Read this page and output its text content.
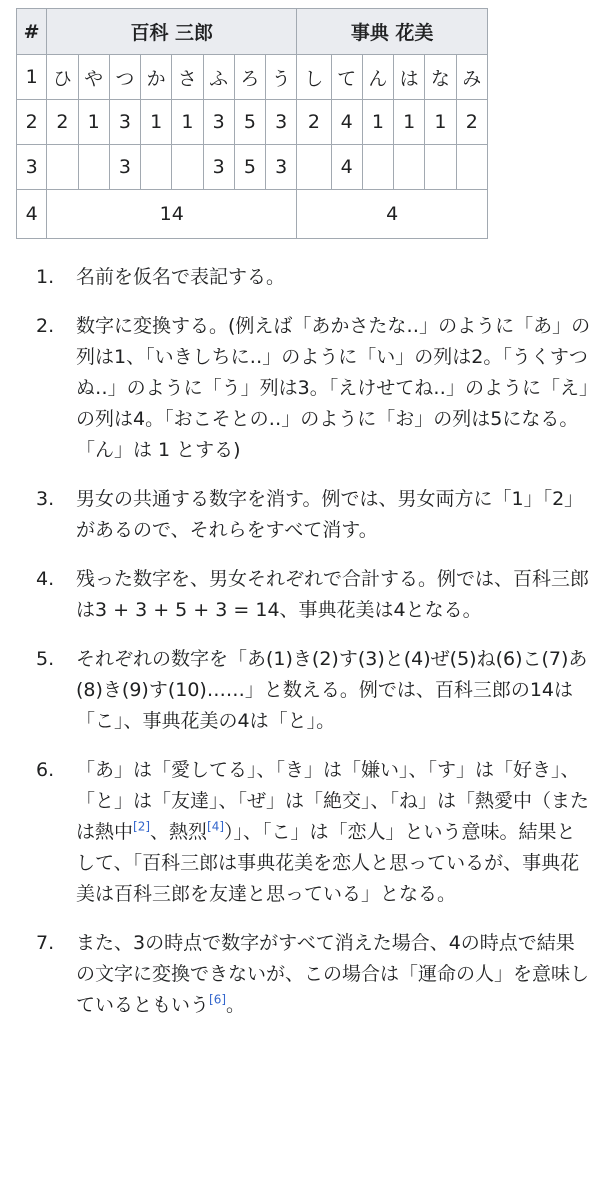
#	百科 三郎								事典 花美					
1	ひ	や	つ	か	さ	ふ	ろ	う	し	て	ん	は	な	み
2	2	1	3	1	1	3	5	3	2	4	1	1	1	2
3			3			3	5	3		4				
4	14								4					
1. 名前を仮名で表記する。
2. 数字に変換する。(例えば「あかさたな‥」のように「あ」の列は1、「いきしちに‥」のように「い」の列は2。「うくすつぬ‥」のように「う」列は3。「えけせてね‥」のように「え」の列は4。「おこそとの‥」のように「お」の列は5になる。「ん」は 1 とする)
3. 男女の共通する数字を消す。例では、男女両方に「1」「2」があるので、それらをすべて消す。
4. 残った数字を、男女それぞれで合計する。例では、百科三郎は3 + 3 + 5 + 3 = 14、事典花美は4となる。
5. それぞれの数字を「あ(1)き(2)す(3)と(4)ぜ(5)ね(6)こ(7)あ(8)き(9)す(10)……」と数える。例では、百科三郎の14は「こ」、事典花美の4は「と」。
6. 「あ」は「愛してる」、「き」は「嫌い」、「す」は「好き」、「と」は「友達」、「ぜ」は「絶交」、「ね」は「熱愛中（または熱中[2]、熱烈[4]）」、「こ」は「恋人」という意味。結果として、「百科三郎は事典花美を恋人と思っているが、事典花美は百科三郎を友達と思っている」となる。
7. また、3の時点で数字がすべて消えた場合、4の時点で結果の文字に変換できないが、この場合は「運命の人」を意味しているともいう[6]。
